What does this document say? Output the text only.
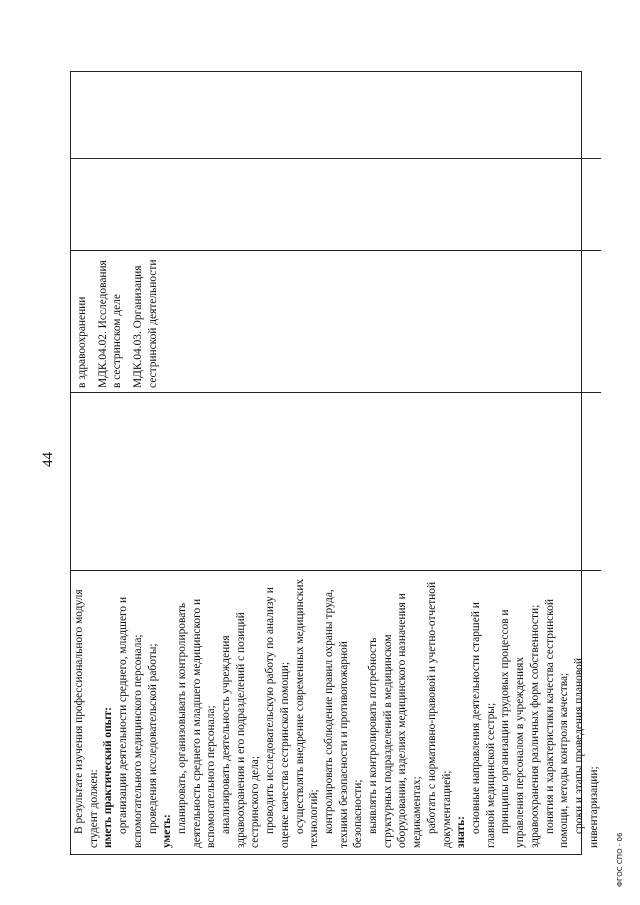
44
ФГОС СПО - 06

В результате изучения профессионального модуля студент должен: иметь практический опыт: организации деятельности среднего, младшего и вспомогательного медицинского персонала; проведения исследовательской работы; уметь: планировать, организовывать и контролировать деятельность среднего и младшего медицинского и вспомогательного персонала; анализировать деятельность учреждения здравоохранения и его подразделений с позиций сестринского дела; проводить исследовательскую работу по анализу и оценке качества сестринской помощи; осуществлять внедрение современных медицинских технологий; контролировать соблюдение правил охраны труда, техники безопасности и противопожарной безопасности; выявлять и контролировать потребность структурных подразделений в медицинском оборудовании, изделиях медицинского назначения и медикаментах; работать с нормативно-правовой и учетно-отчетной документацией; знать: основные направления деятельности старшей и главной медицинской сестры; принципы организации трудовых процессов и управления персоналом в учреждениях здравоохранения различных форм собственности; понятия и характеристики качества сестринской помощи, методы контроля качества; сроки и этапы проведения плановой инвентаризации;

в здравоохранении МДК.04.02. Исследования в сестринском деле МДК.04.03. Организация сестринской деятельности
